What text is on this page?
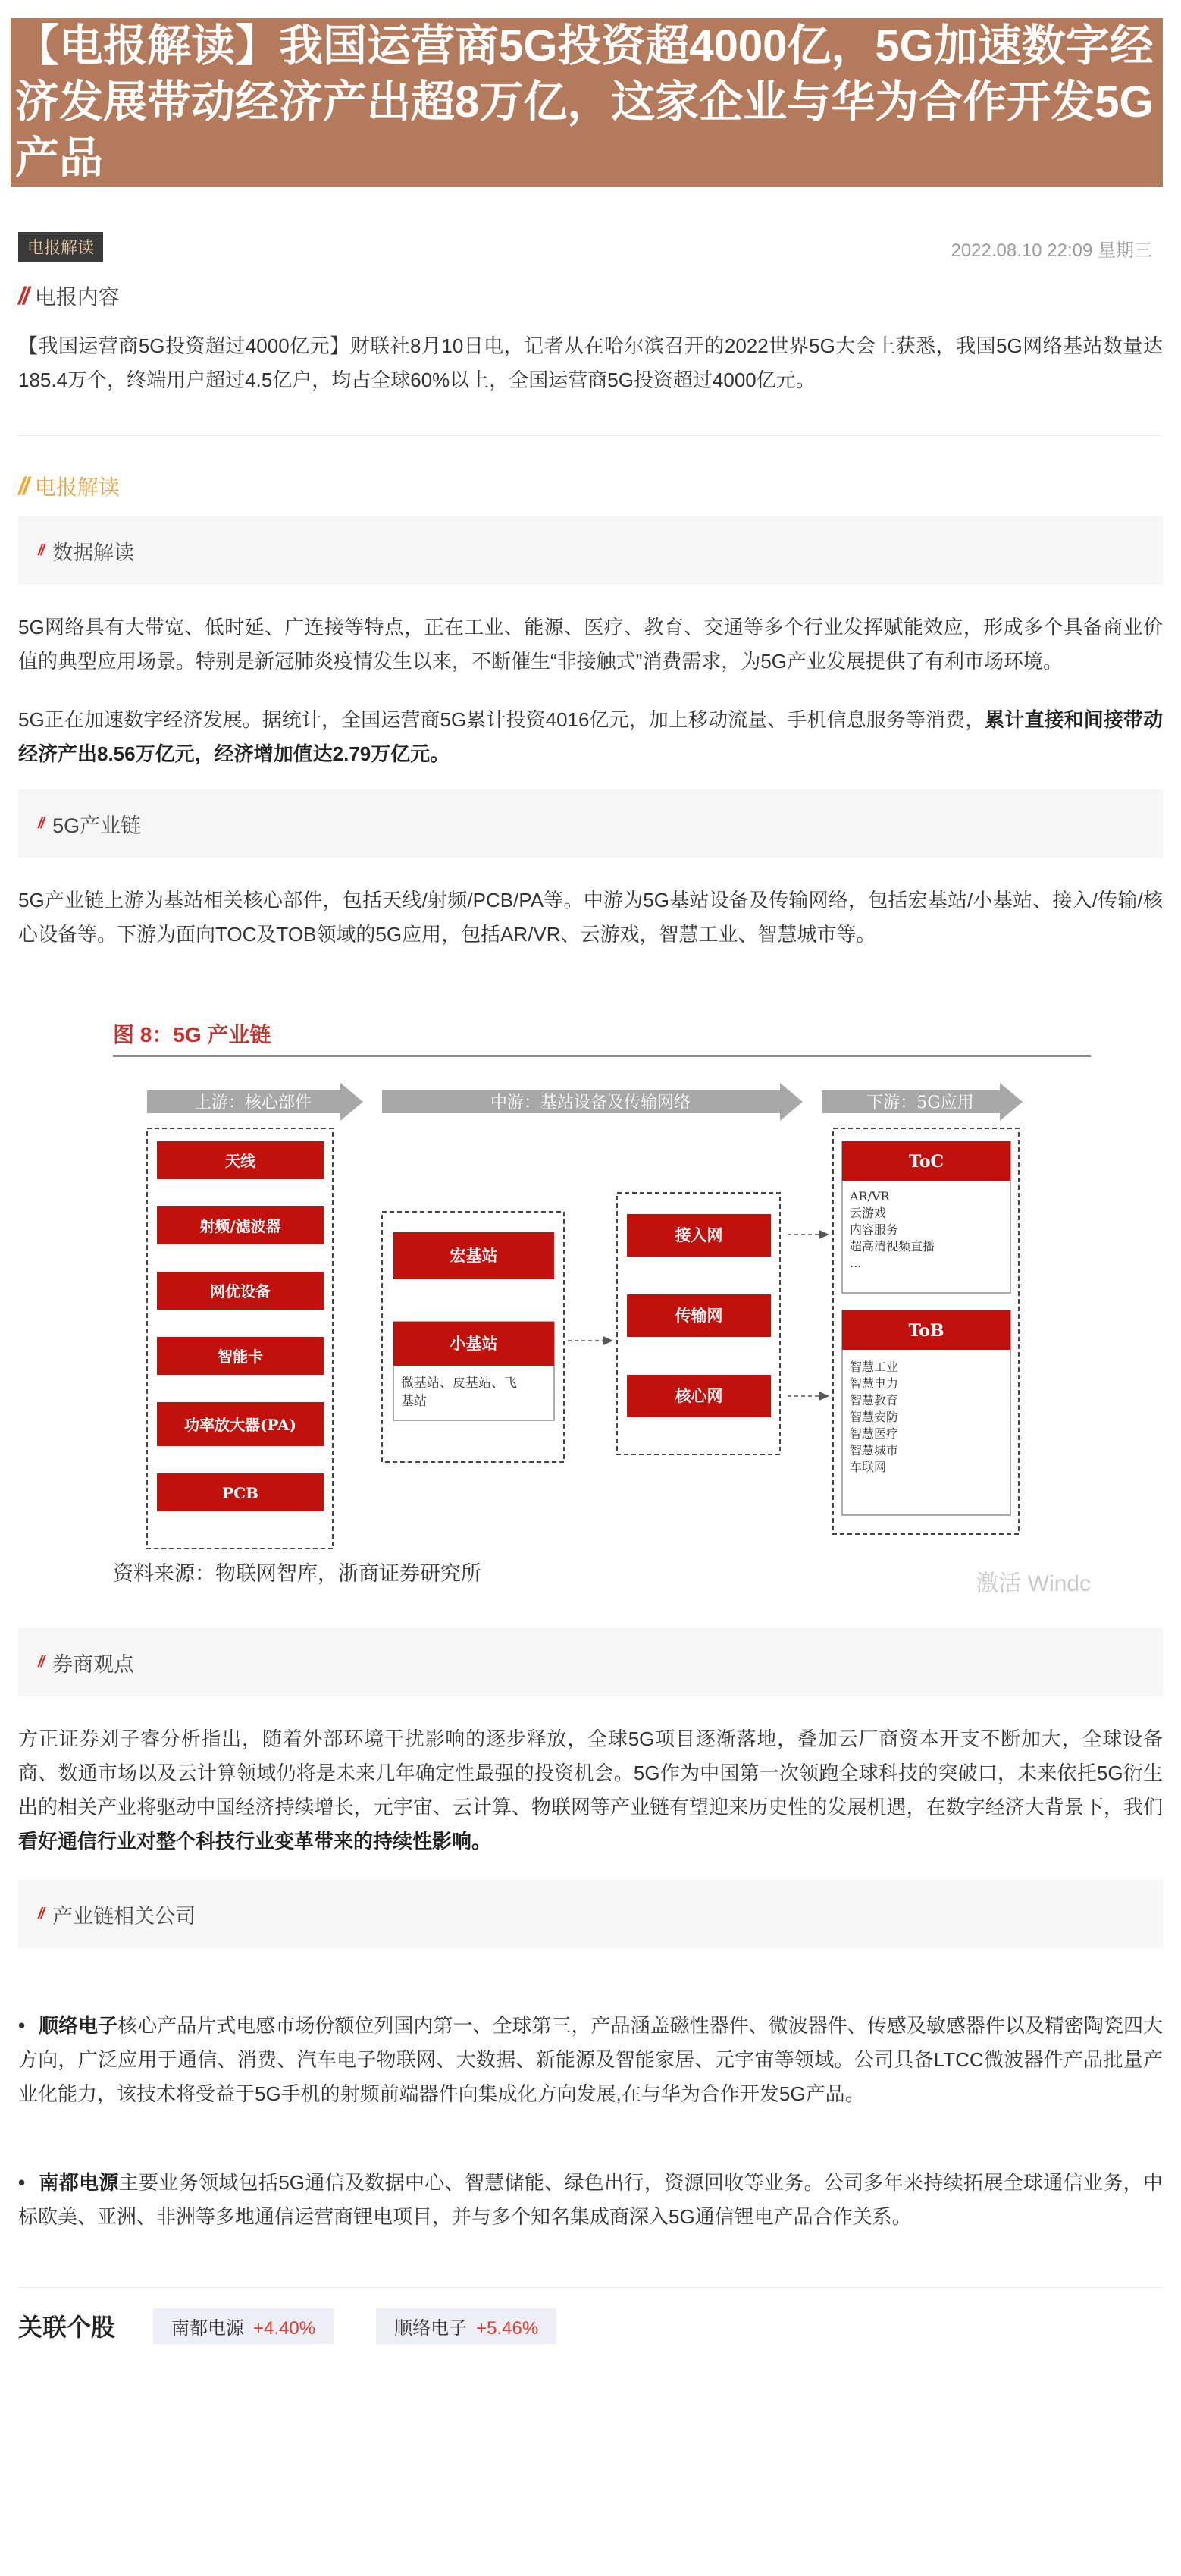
【电报解读】我国运营商5G投资超4000亿，5G加速数字经济发展带动经济产出超8万亿，这家企业与华为合作开发5G产品
电报解读	2022.08.10 22:09 星期三
// 电报内容

【我国运营商5G投资超过4000亿元】财联社8月10日电，记者从在哈尔滨召开的2022世界5G大会上获悉，我国5G网络基站数量达185.4万个，终端用户超过4.5亿户，均占全球60%以上，全国运营商5G投资超过4000亿元。

// 电报解读
// 数据解读

5G网络具有大带宽、低时延、广连接等特点，正在工业、能源、医疗、教育、交通等多个行业发挥赋能效应，形成多个具备商业价值的典型应用场景。特别是新冠肺炎疫情发生以来，不断催生“非接触式”消费需求，为5G产业发展提供了有利市场环境。

5G正在加速数字经济发展。据统计，全国运营商5G累计投资4016亿元，加上移动流量、手机信息服务等消费，累计直接和间接带动经济产出8.56万亿元，经济增加值达2.79万亿元。

// 5G产业链

5G产业链上游为基站相关核心部件，包括天线/射频/PCB/PA等。中游为5G基站设备及传输网络，包括宏基站/小基站、接入/传输/核心设备等。下游为面向TOC及TOB领域的5G应用，包括AR/VR、云游戏，智慧工业、智慧城市等。

图 8：5G 产业链
上游：核心部件	中游：基站设备及传输网络	下游：5G应用
天线
射频/滤波器
网优设备
智能卡
功率放大器(PA)
PCB
宏基站
小基站
微基站、皮基站、飞
基站
接入网
传输网
核心网
ToC
AR/VR
云游戏
内容服务
超高清视频直播
...
ToB
智慧工业
智慧电力
智慧教育
智慧安防
智慧医疗
智慧城市
车联网
资料来源：物联网智库，浙商证券研究所	激活 Windc
// 券商观点

方正证券刘子睿分析指出，随着外部环境干扰影响的逐步释放，全球5G项目逐渐落地，叠加云厂商资本开支不断加大，全球设备商、数通市场以及云计算领域仍将是未来几年确定性最强的投资机会。5G作为中国第一次领跑全球科技的突破口，未来依托5G衍生出的相关产业将驱动中国经济持续增长，元宇宙、云计算、物联网等产业链有望迎来历史性的发展机遇，在数字经济大背景下，我们看好通信行业对整个科技行业变革带来的持续性影响。

// 产业链相关公司

• 顺络电子核心产品片式电感市场份额位列国内第一、全球第三，产品涵盖磁性器件、微波器件、传感及敏感器件以及精密陶瓷四大方向，广泛应用于通信、消费、汽车电子物联网、大数据、新能源及智能家居、元宇宙等领域。公司具备LTCC微波器件产品批量产业化能力，该技术将受益于5G手机的射频前端器件向集成化方向发展,在与华为合作开发5G产品。

• 南都电源主要业务领域包括5G通信及数据中心、智慧储能、绿色出行，资源回收等业务。公司多年来持续拓展全球通信业务，中标欧美、亚洲、非洲等多地通信运营商锂电项目，并与多个知名集成商深入5G通信锂电产品合作关系。

关联个股	南都电源 +4.40%	顺络电子 +5.46%
